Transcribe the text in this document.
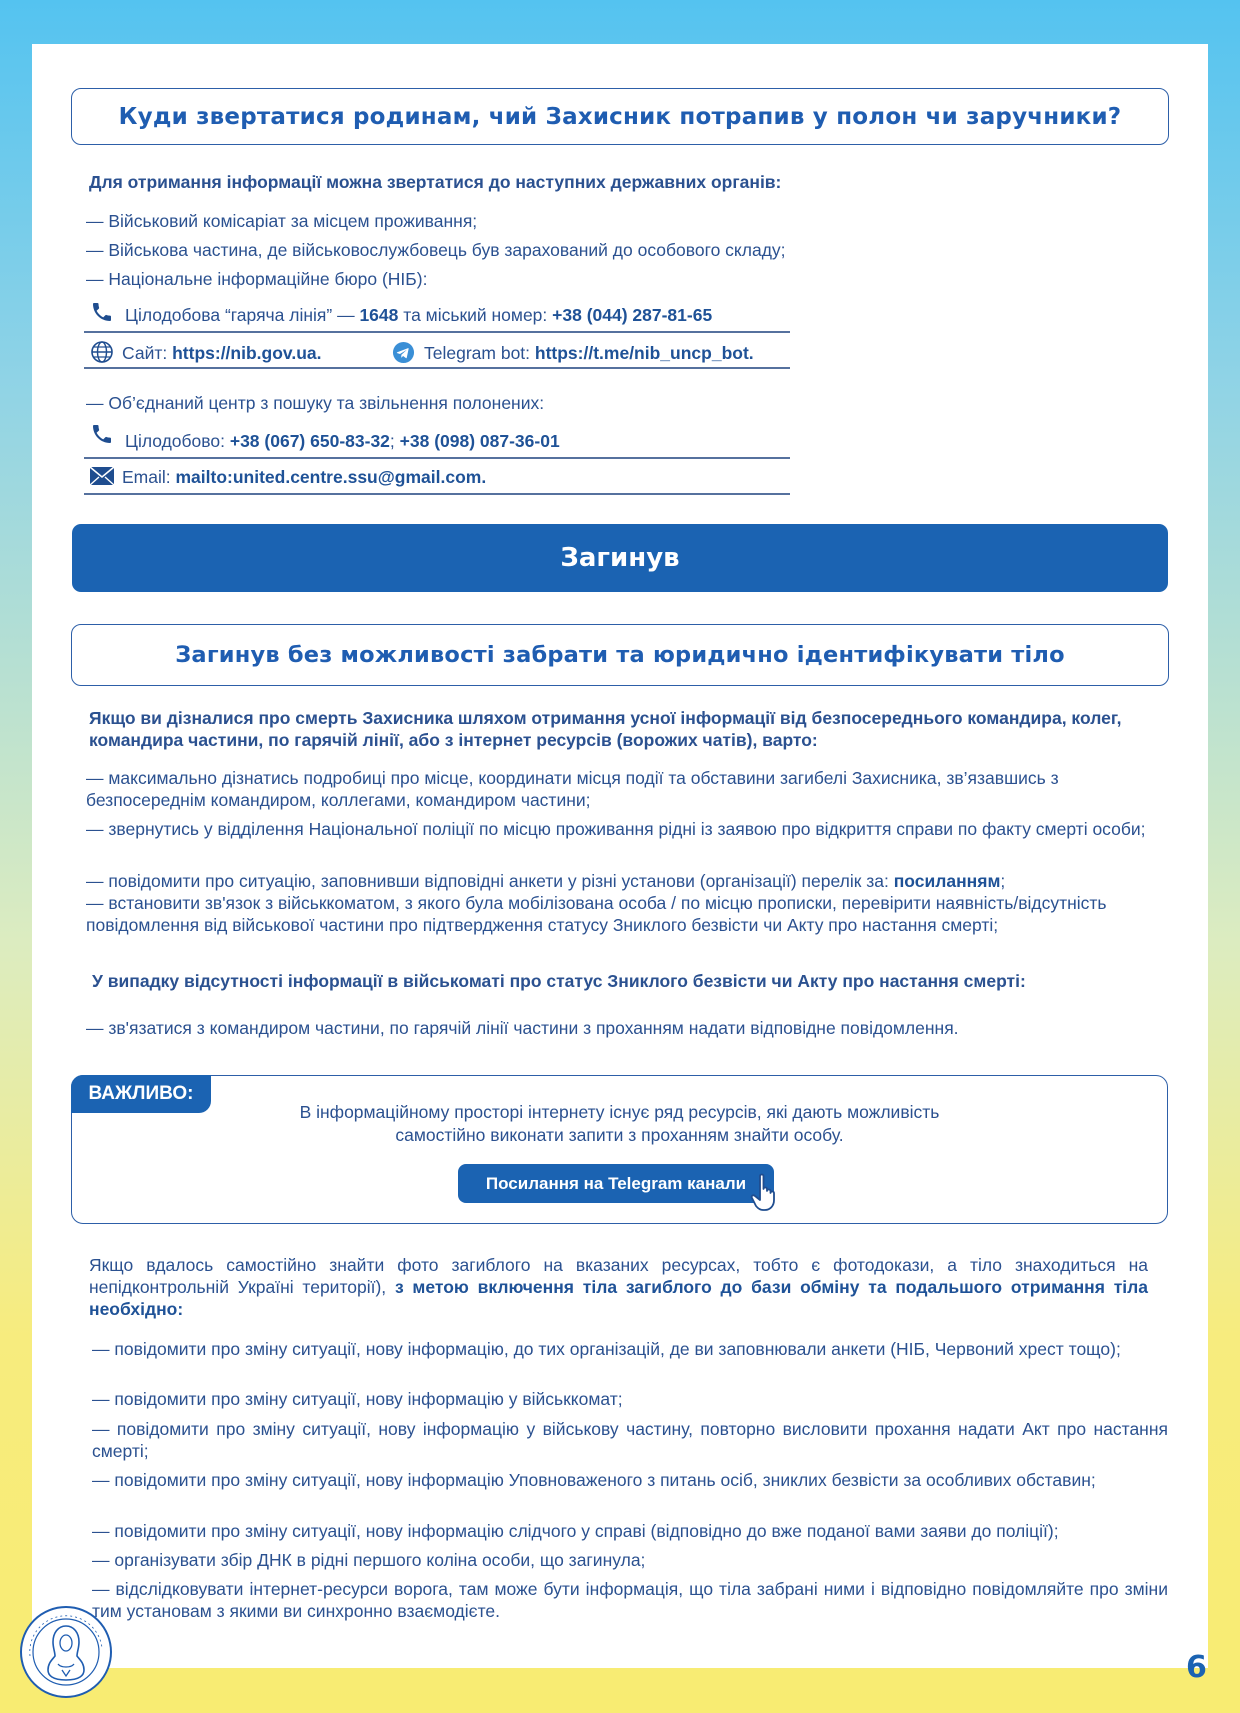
Куди звертатися родинам, чий Захисник потрапив у полон чи заручники?
Для отримання інформації можна звертатися до наступних державних органів:
— Військовий комісаріат за місцем проживання;
— Військова частина, де військовослужбовець був зарахований до особового складу;
— Національне інформаційне бюро (НІБ):
Цілодобова “гаряча лінія” — 1648 та міський номер: +38 (044) 287-81-65
Сайт: https://nib.gov.ua.	Telegram bot: https://t.me/nib_uncp_bot.
— Об’єднаний центр з пошуку та звільнення полонених:
Цілодобово: +38 (067) 650-83-32; +38 (098) 087-36-01
Email: mailto:united.centre.ssu@gmail.com.
Загинув
Загинув без можливості забрати та юридично ідентифікувати тіло
Якщо ви дізналися про смерть Захисника шляхом отримання усної інформації від безпосереднього командира, колег, командира частини, по гарячій лінії, або з інтернет ресурсів (ворожих чатів), варто:
— максимально дізнатись подробиці про місце, координати місця події та обставини загибелі Захисника, зв’язавшись з безпосереднім командиром, коллегами, командиром частини;
— звернутись у відділення Національної поліції по місцю проживання рідні із заявою про відкриття справи по факту смерті особи;
— повідомити про ситуацію, заповнивши відповідні анкети у різні установи (організації) перелік за: посиланням;
— встановити зв'язок з військкоматом, з якого була мобілізована особа / по місцю прописки, перевірити наявність/відсутність повідомлення від військової частини про підтвердження статусу Зниклого безвісти чи Акту про настання смерті;
У випадку відсутності інформації в військоматі про статус Зниклого безвісти чи Акту про настання смерті:
— зв'язатися з командиром частини, по гарячій лінії частини з проханням надати відповідне повідомлення.
ВАЖЛИВО:
В інформаційному просторі інтернету існує ряд ресурсів, які дають можливість
самостійно виконати запити з проханням знайти особу.
Посилання на Telegram канали
Якщо вдалось самостійно знайти фото загиблого на вказаних ресурсах, тобто є фотодокази, а тіло знаходиться на непідконтрольній Україні території), з метою включення тіла загиблого до бази обміну та подальшого отримання тіла необхідно:
— повідомити про зміну ситуації, нову інформацію, до тих організацій, де ви заповнювали анкети (НІБ, Червоний хрест тощо);
— повідомити про зміну ситуації, нову інформацію у військкомат;
— повідомити про зміну ситуації, нову інформацію у військову частину, повторно висловити прохання надати Акт про настання смерті;
— повідомити про зміну ситуації, нову інформацію Уповноваженого з питань осіб, зниклих безвісти за особливих обставин;
— повідомити про зміну ситуації, нову інформацію слідчого у справі (відповідно до вже поданої вами заяви до поліції);
— організувати збір ДНК в рідні першого коліна особи, що загинула;
— відслідковувати інтернет-ресурси ворога, там може бути інформація, що тіла забрані ними і відповідно повідомляйте про зміни тим установам з якими ви синхронно взаємодієте.
6
